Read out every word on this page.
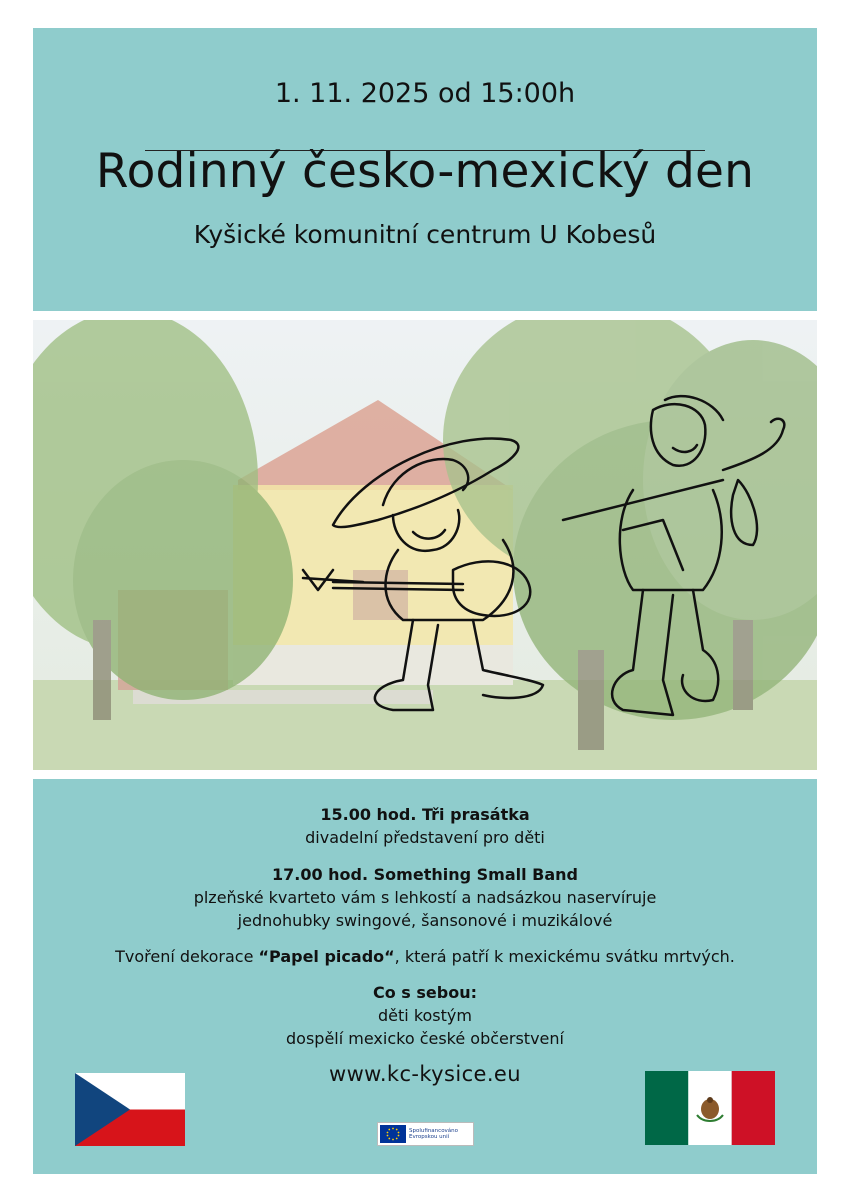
1. 11. 2025 od 15:00h
Rodinný česko-mexický den
Kyšické komunitní centrum U Kobesů
15.00 hod. Tři prasátka
divadelní představení pro děti
17.00 hod. Something Small Band
plzeňské kvarteto vám s lehkostí a nadsázkou naservíruje
jednohubky swingové, šansonové i muzikálové
Tvoření dekorace “Papel picado“, která patří k mexickému svátku mrtvých.
Co s sebou:
děti kostým
dospělí mexicko české občerstvení
www.kc-kysice.eu
Spolufinancováno
Evropskou unií
